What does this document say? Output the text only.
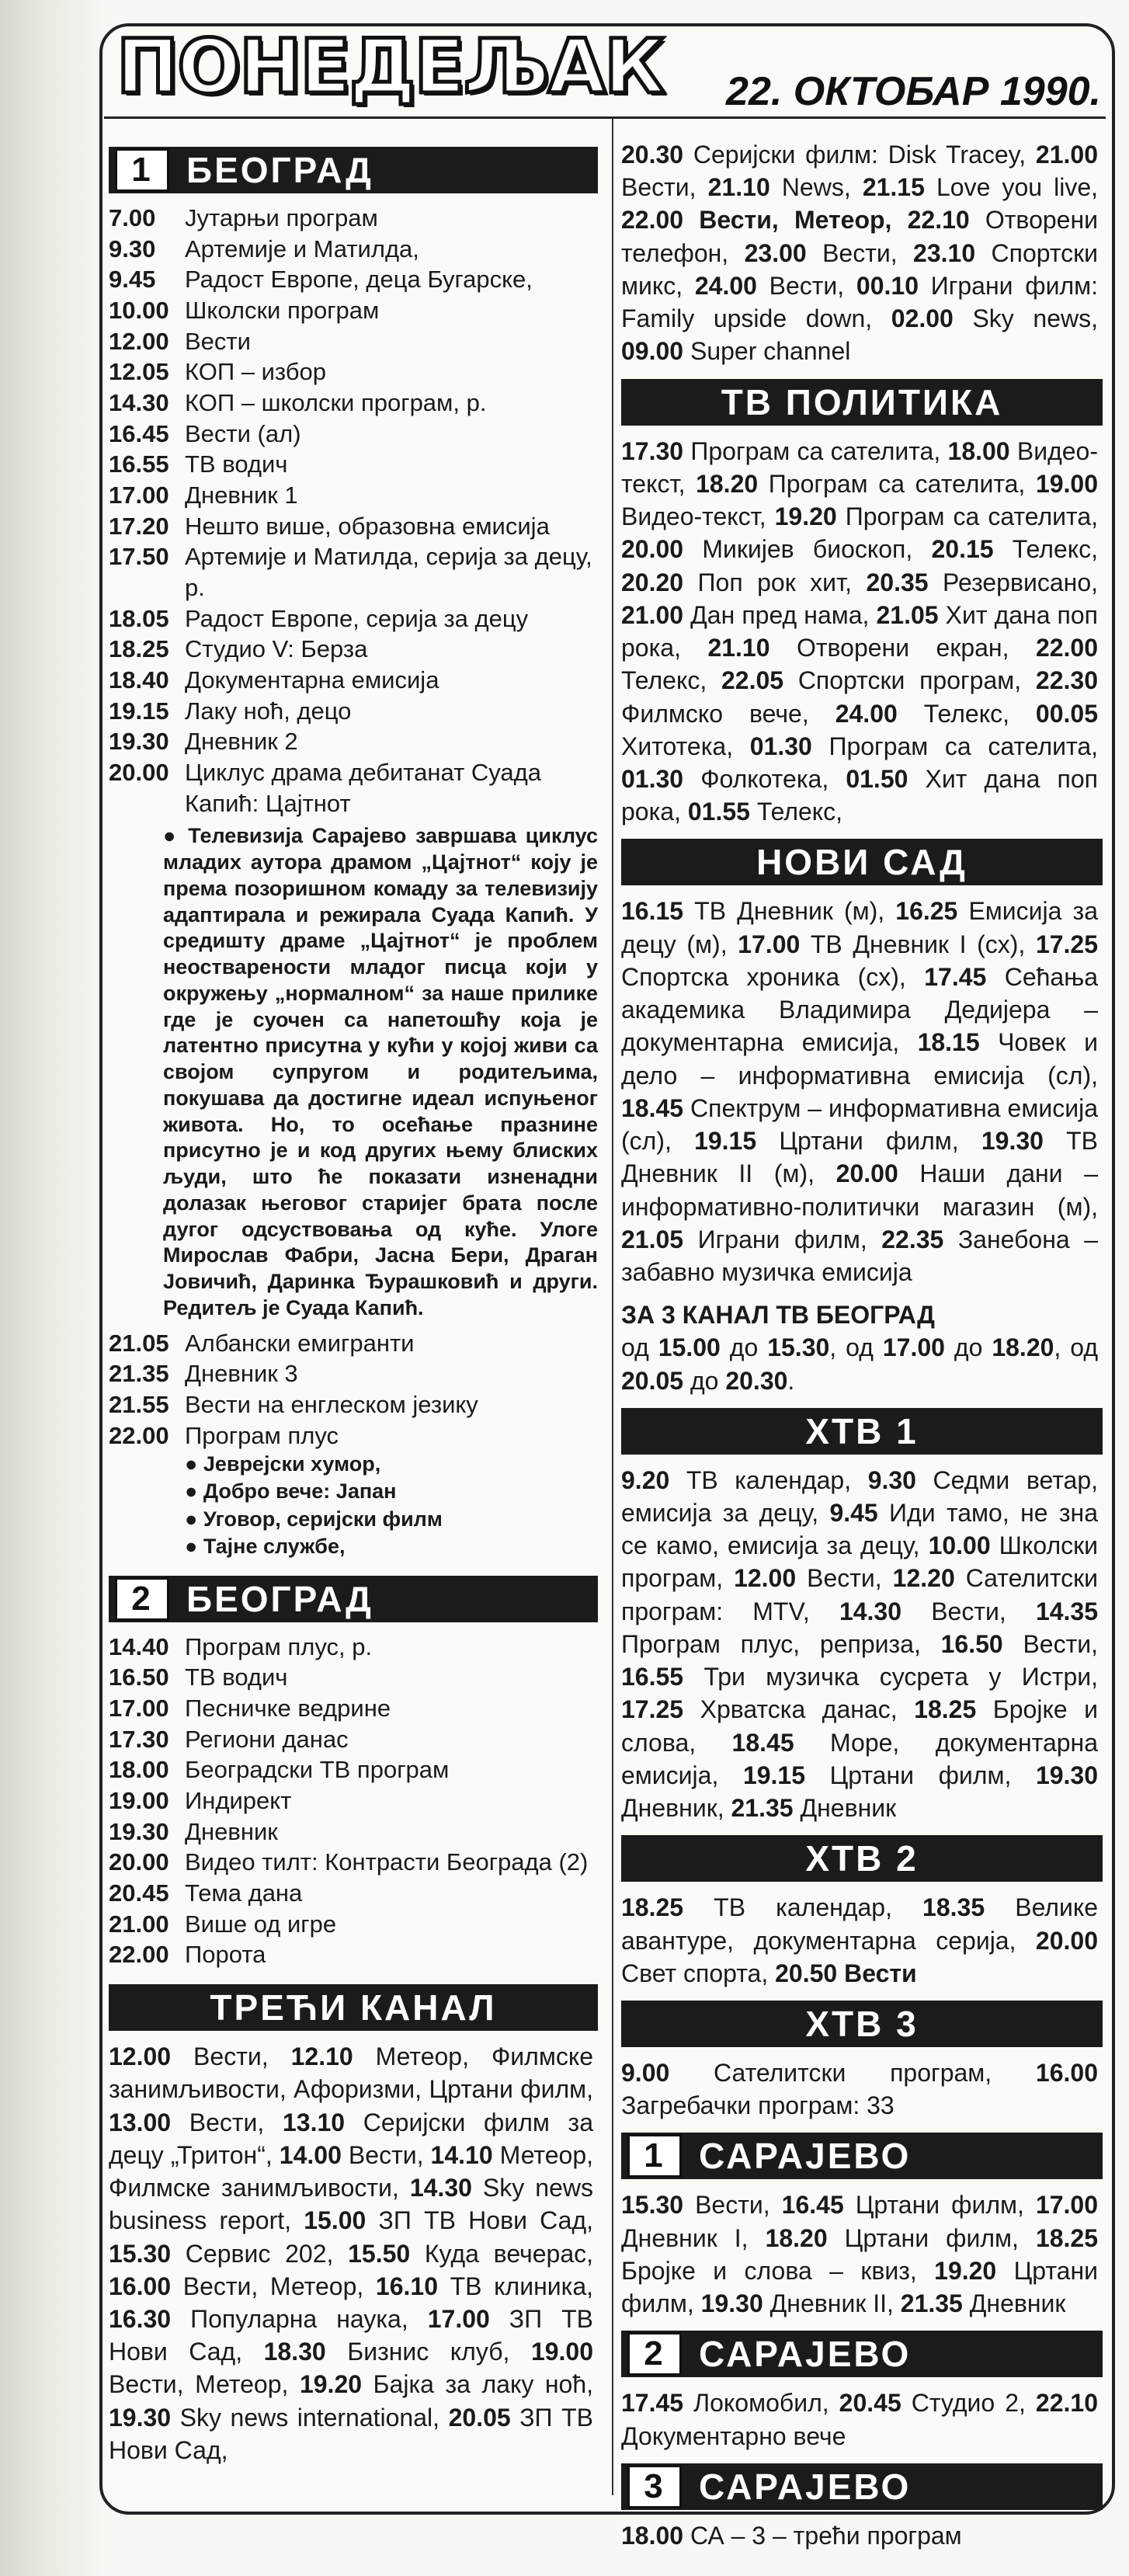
ПОНЕДЕЉАК 22. ОКТОБАР 1990.
1 БЕОГРАД
7.00	Јутарњи програм
9.30	Артемије и Матилда,
9.45	Радост Европе, деца Бугарске,
10.00	Школски програм
12.00	Вести
12.05	КОП – избор
14.30	КОП – школски програм, р.
16.45	Вести (ал)
16.55	ТВ водич
17.00	Дневник 1
17.20	Нешто више, образовна емисија
17.50	Артемије и Матилда, серија за децу, р.
18.05	Радост Европе, серија за децу
18.25	Студио V: Берза
18.40	Документарна емисија
19.15	Лаку ноћ, децо
19.30	Дневник 2
20.00	Циклус драма дебитанат Суада Капић: Цајтнот
● Телевизија Сарајево завршава циклус младих аутора драмом „Цајтнот“ коју је према позоришном комаду за телевизију адаптирала и режирала Суада Капић. У средишту драме „Цајтнот“ је проблем неоствaрености младог писца који у окружењу „нормалном“ за наше прилике где је суочен са напетошћу која је латентно присутна у кући у којој живи са својом супругом и родитељима, покушава да достигне идеал испуњеног живота. Но, то осећање празнине присутно је и код других њему блиских људи, што ће показати изненадни долазак његовог старијег брата после дугог одсуствовања од куће. Улоге Мирослав Фабри, Јасна Бери, Драган Јовичић, Даринка Ђурашковић и други. Редитељ је Суада Капић.
21.05	Албански емигранти
21.35	Дневник 3
21.55	Вести на енглеском језику
22.00	Програм плус
● Јеврејски хумор,
● Добро вече: Јапан
● Уговор, серијски филм
● Тајне службе,
2 БЕОГРАД
14.40	Програм плус, р.
16.50	ТВ водич
17.00	Песничке ведрине
17.30	Региони данас
18.00	Београдски ТВ програм
19.00	Индирект
19.30	Дневник
20.00	Видео тилт: Контрасти Београда (2)
20.45	Тема дана
21.00	Више од игре
22.00	Порота
ТРЕЋИ КАНАЛ
12.00 Вести, 12.10 Метеор, Филмске занимљивости, Афоризми, Цртани филм, 13.00 Вести, 13.10 Серијски филм за децу „Тритон“, 14.00 Вести, 14.10 Метеор, Филмске занимљивости, 14.30 Sky news business report, 15.00 ЗП ТВ Нови Сад, 15.30 Сервис 202, 15.50 Куда вечерас, 16.00 Вести, Метеор, 16.10 ТВ клиника, 16.30 Популарна наука, 17.00 ЗП ТВ Нови Сад, 18.30 Бизнис клуб, 19.00 Вести, Метеор, 19.20 Бајка за лаку ноћ, 19.30 Sky news international, 20.05 ЗП ТВ Нови Сад,
20.30 Серијски филм: Disk Tracey, 21.00 Вести, 21.10 News, 21.15 Love you live, 22.00 Вести, Метеор, 22.10 Отворени телефон, 23.00 Вести, 23.10 Спортски микс, 24.00 Вести, 00.10 Играни филм: Family upside down, 02.00 Sky news, 09.00 Super channel
ТВ ПОЛИТИКА
17.30 Програм са сателита, 18.00 Видео-текст, 18.20 Програм са сателита, 19.00 Видео-текст, 19.20 Програм са сателита, 20.00 Микијев биоскоп, 20.15 Телекс, 20.20 Поп рок хит, 20.35 Резервисано, 21.00 Дан пред нама, 21.05 Хит дана поп рока, 21.10 Отворени екран, 22.00 Телекс, 22.05 Спортски програм, 22.30 Филмско вече, 24.00 Телекс, 00.05 Хитотека, 01.30 Програм са сателита, 01.30 Фолкотека, 01.50 Хит дана поп рока, 01.55 Телекс,
НОВИ САД
16.15 ТВ Дневник (м), 16.25 Емисија за децу (м), 17.00 ТВ Дневник I (сх), 17.25 Спортска хроника (сх), 17.45 Сећања академика Владимира Дедијера – документарна емисија, 18.15 Човек и дело – информативна емисија (сл), 18.45 Спектрум – информативна емисија (сл), 19.15 Цртани филм, 19.30 ТВ Дневник II (м), 20.00 Наши дани – информативно-политички магазин (м), 21.05 Играни филм, 22.35 Занебона – забавно музичка емисија
ЗА 3 КАНАЛ ТВ БЕОГРАД
од 15.00 до 15.30, од 17.00 до 18.20, од 20.05 до 20.30.
ХТВ 1
9.20 ТВ календар, 9.30 Седми ветар, емисија за децу, 9.45 Иди тамо, не зна се камо, емисија за децу, 10.00 Школски програм, 12.00 Вести, 12.20 Сателитски програм: MTV, 14.30 Вести, 14.35 Програм плус, реприза, 16.50 Вести, 16.55 Три музичка сусрета у Истри, 17.25 Хрватска данас, 18.25 Бројке и слова, 18.45 Море, документарна емисија, 19.15 Цртани филм, 19.30 Дневник, 21.35 Дневник
ХТВ 2
18.25 ТВ календар, 18.35 Велике авантуре, документарна серија, 20.00 Свет спорта, 20.50 Вести
ХТВ 3
9.00 Сателитски програм, 16.00 Загребачки програм: 33
1 САРАЈЕВО
15.30 Вести, 16.45 Цртани филм, 17.00 Дневник I, 18.20 Цртани филм, 18.25 Бројке и слова – квиз, 19.20 Цртани филм, 19.30 Дневник II, 21.35 Дневник
2 САРАЈЕВО
17.45 Локомобил, 20.45 Студио 2, 22.10 Документарно вече
3 САРАЈЕВО
18.00 СА – 3 – трећи програм
